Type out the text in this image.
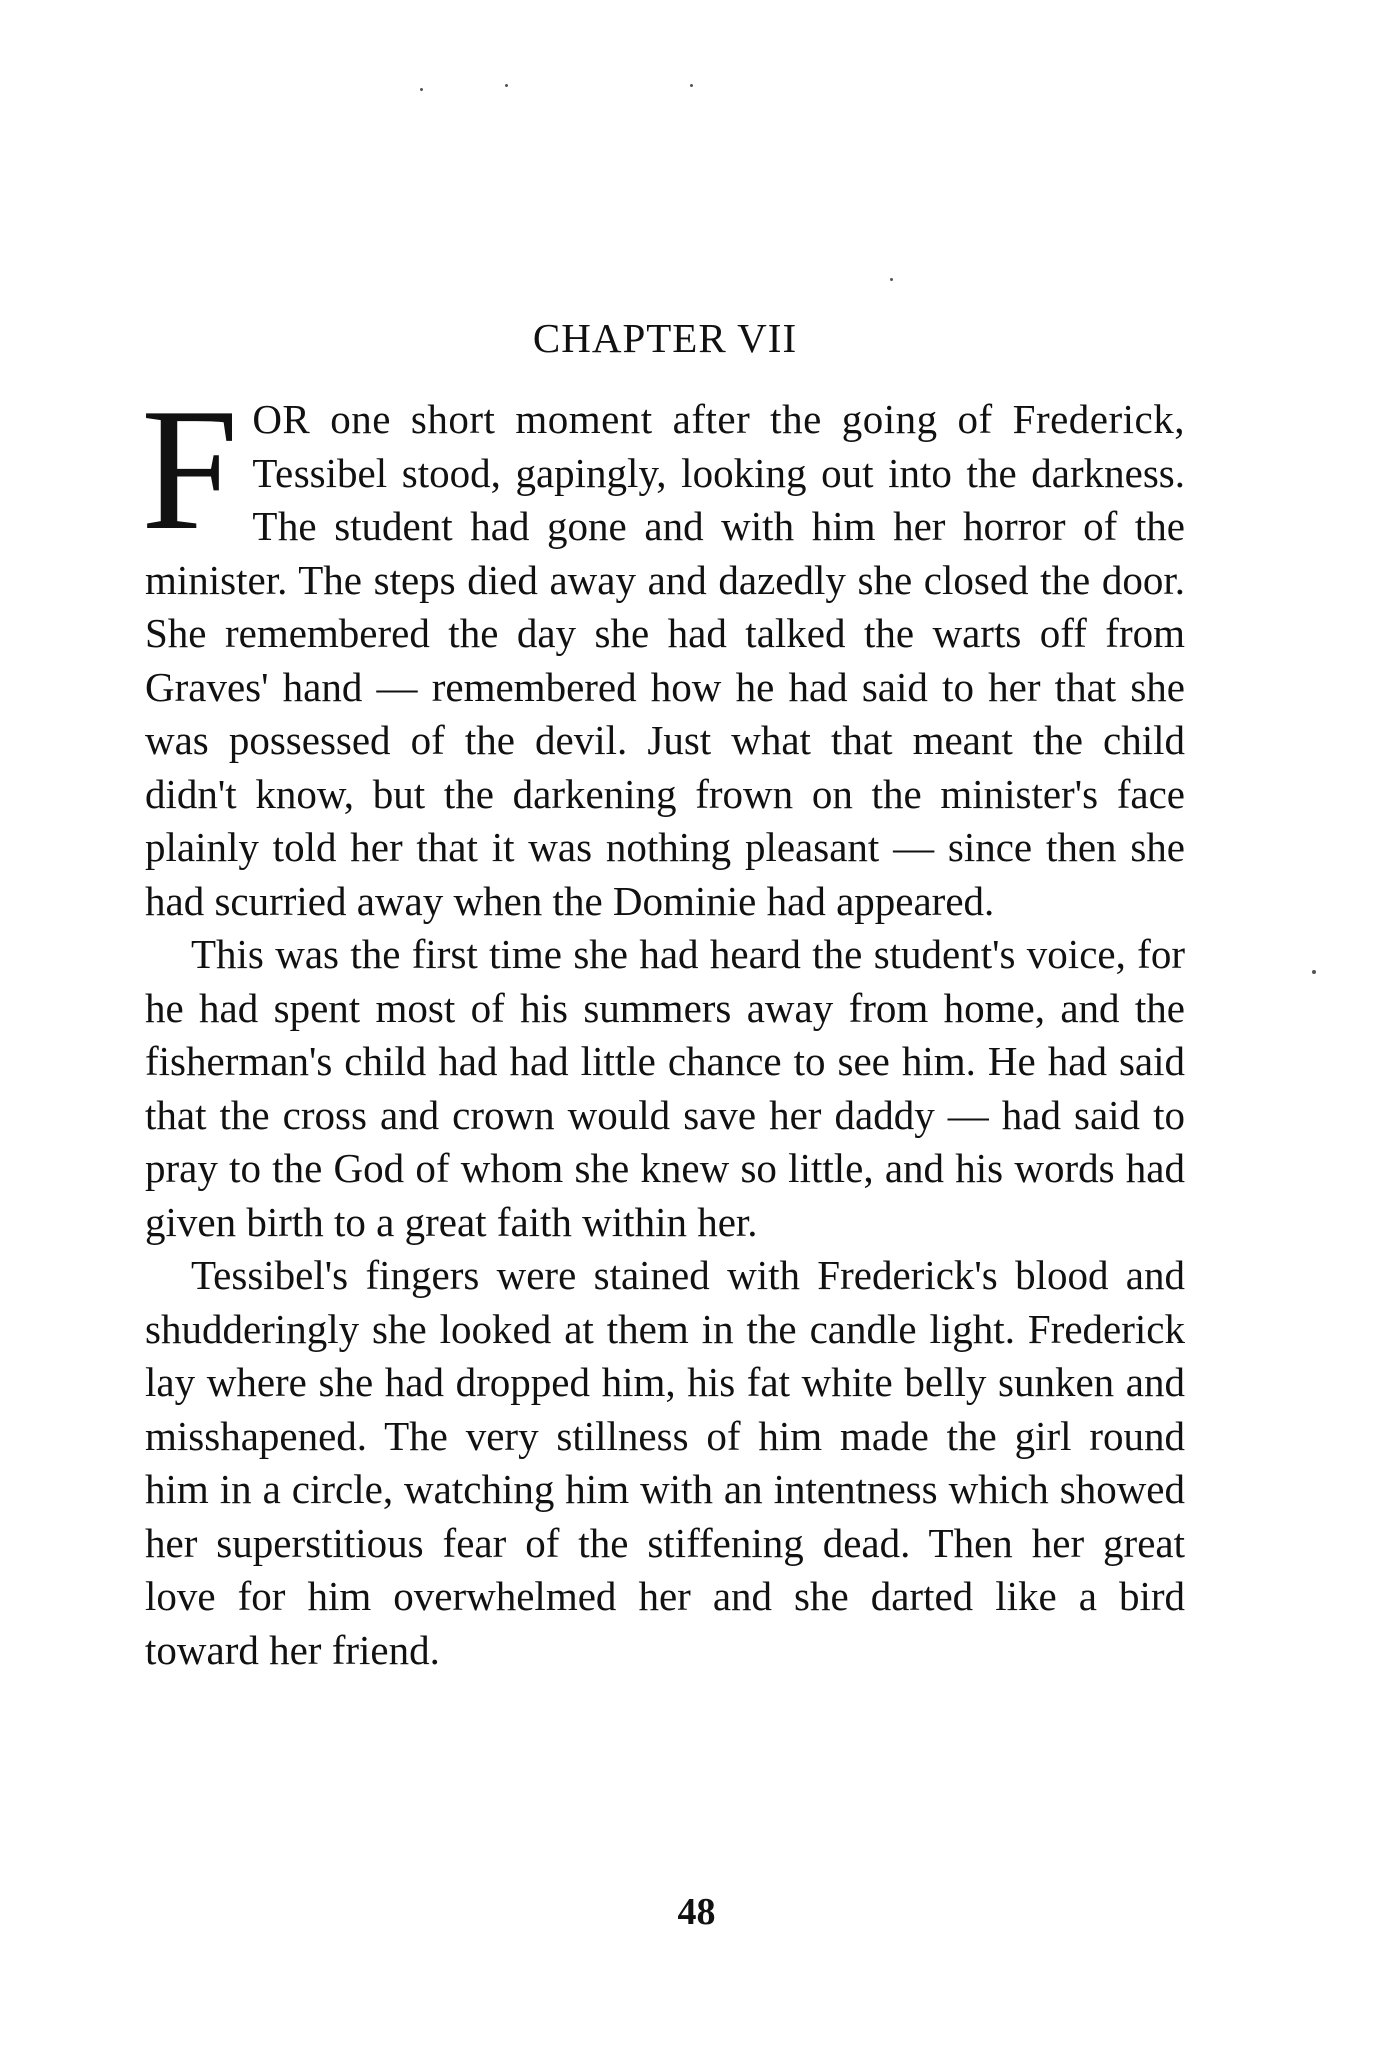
CHAPTER VII

FOR one short moment after the going of Frederick, Tessibel stood, gapingly, looking out into the darkness. The student had gone and with him her horror of the minister. The steps died away and dazedly she closed the door. She remembered the day she had talked the warts off from Graves' hand — remembered how he had said to her that she was possessed of the devil. Just what that meant the child didn't know, but the darkening frown on the minister's face plainly told her that it was nothing pleasant — since then she had scurried away when the Dominie had appeared.

This was the first time she had heard the student's voice, for he had spent most of his summers away from home, and the fisherman's child had had little chance to see him. He had said that the cross and crown would save her daddy — had said to pray to the God of whom she knew so little, and his words had given birth to a great faith within her.

Tessibel's fingers were stained with Frederick's blood and shudderingly she looked at them in the candle light. Frederick lay where she had dropped him, his fat white belly sunken and misshapened. The very stillness of him made the girl round him in a circle, watching him with an intentness which showed her superstitious fear of the stiffening dead. Then her great love for him overwhelmed her and she darted like a bird toward her friend.

48
